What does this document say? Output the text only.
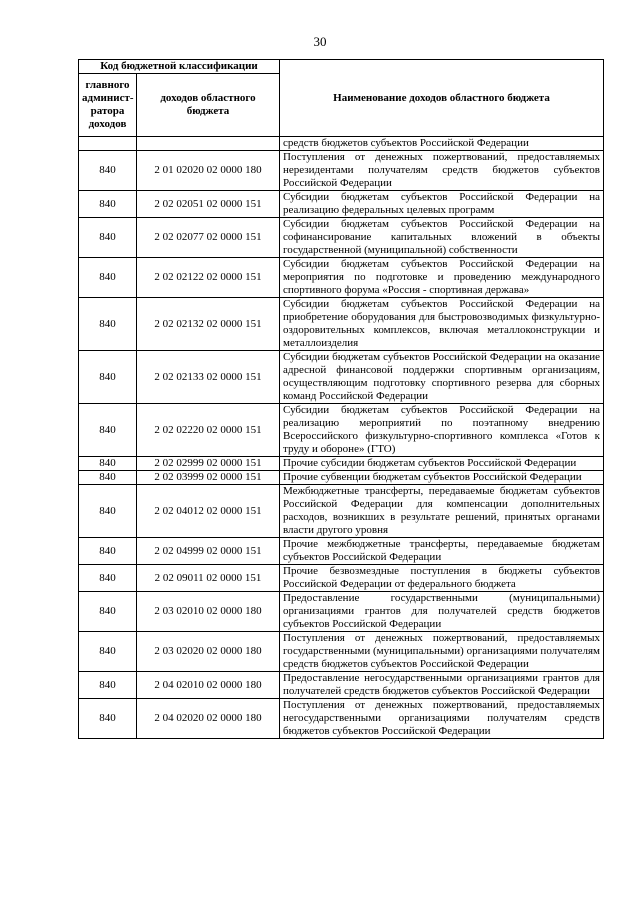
30
Код бюджетной классификации		Наименование доходов областного бюджета
главного админист-ратора доходов	доходов областного бюджета	
		средств бюджетов субъектов Российской Федерации
840	2 01 02020 02 0000 180	Поступления от денежных пожертвований, предоставляемых нерезидентами получателям средств бюджетов субъектов Российской Федерации
840	2 02 02051 02 0000 151	Субсидии бюджетам субъектов Российской Федерации на реализацию федеральных целевых программ
840	2 02 02077 02 0000 151	Субсидии бюджетам субъектов Российской Федерации на софинансирование капитальных вложений в объекты государственной (муниципальной) собственности
840	2 02 02122 02 0000 151	Субсидии бюджетам субъектов Российской Федерации на мероприятия по подготовке и проведению международного спортивного форума «Россия - спортивная держава»
840	2 02 02132 02 0000 151	Субсидии бюджетам субъектов Российской Федерации на приобретение оборудования для быстровозводимых физкультурно-оздоровительных комплексов, включая металлоконструкции и металлоизделия
840	2 02 02133 02 0000 151	Субсидии бюджетам субъектов Российской Федерации на оказание адресной финансовой поддержки спортивным организациям, осуществляющим подготовку спортивного резерва для сборных команд Российской Федерации
840	2 02 02220 02 0000 151	Субсидии бюджетам субъектов Российской Федерации на реализацию мероприятий по поэтапному внедрению Всероссийского физкультурно-спортивного комплекса «Готов к труду и обороне» (ГТО)
840	2 02 02999 02 0000 151	Прочие субсидии бюджетам субъектов Российской Федерации
840	2 02 03999 02 0000 151	Прочие субвенции бюджетам субъектов Российской Федерации
840	2 02 04012 02 0000 151	Межбюджетные трансферты, передаваемые бюджетам субъектов Российской Федерации для компенсации дополнительных расходов, возникших в результате решений, принятых органами власти другого уровня
840	2 02 04999 02 0000 151	Прочие межбюджетные трансферты, передаваемые бюджетам субъектов Российской Федерации
840	2 02 09011 02 0000 151	Прочие безвозмездные поступления в бюджеты субъектов Российской Федерации от федерального бюджета
840	2 03 02010 02 0000 180	Предоставление государственными (муниципальными) организациями грантов для получателей средств бюджетов субъектов Российской Федерации
840	2 03 02020 02 0000 180	Поступления от денежных пожертвований, предоставляемых государственными (муниципальными) организациями получателям средств бюджетов субъектов Российской Федерации
840	2 04 02010 02 0000 180	Предоставление негосударственными организациями грантов для получателей средств бюджетов субъектов Российской Федерации
840	2 04 02020 02 0000 180	Поступления от денежных пожертвований, предоставляемых негосударственными организациями получателям средств бюджетов субъектов Российской Федерации
